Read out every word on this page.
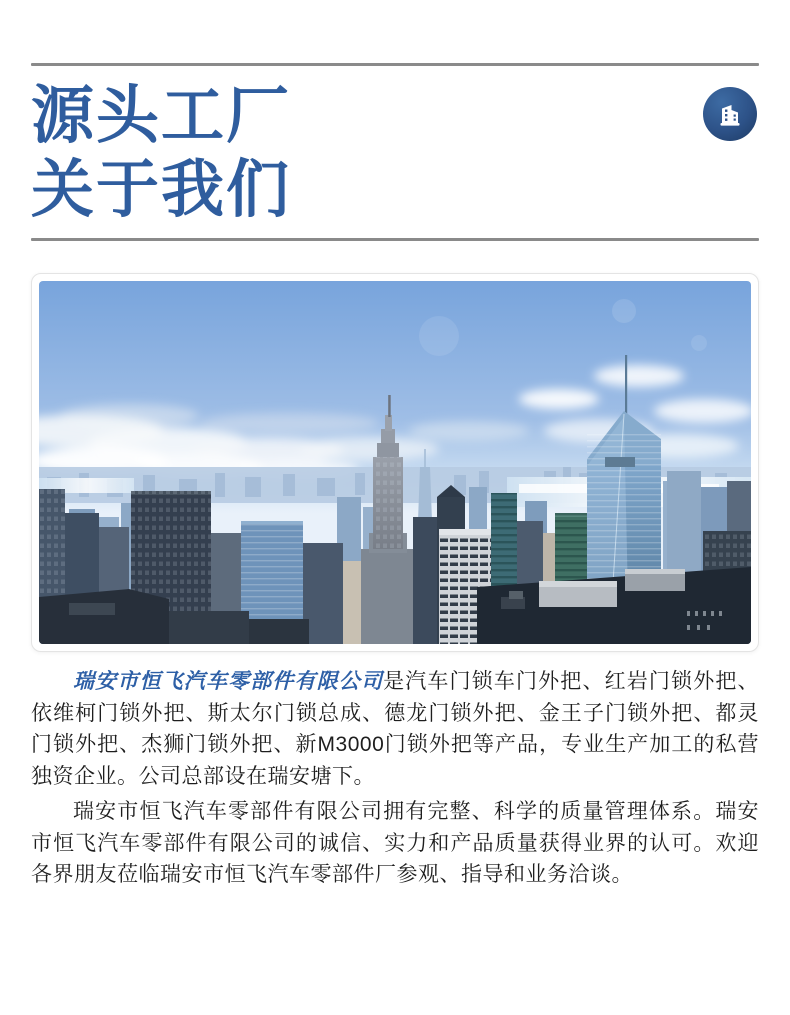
源头工厂
关于我们

瑞安市恒飞汽车零部件有限公司是汽车门锁车门外把、红岩门锁外把、依维柯门锁外把、斯太尔门锁总成、德龙门锁外把、金王子门锁外把、都灵门锁外把、杰狮门锁外把、新M3000门锁外把等产品，专业生产加工的私营独资企业。公司总部设在瑞安塘下。

瑞安市恒飞汽车零部件有限公司拥有完整、科学的质量管理体系。瑞安市恒飞汽车零部件有限公司的诚信、实力和产品质量获得业界的认可。欢迎各界朋友莅临瑞安市恒飞汽车零部件厂参观、指导和业务洽谈。
